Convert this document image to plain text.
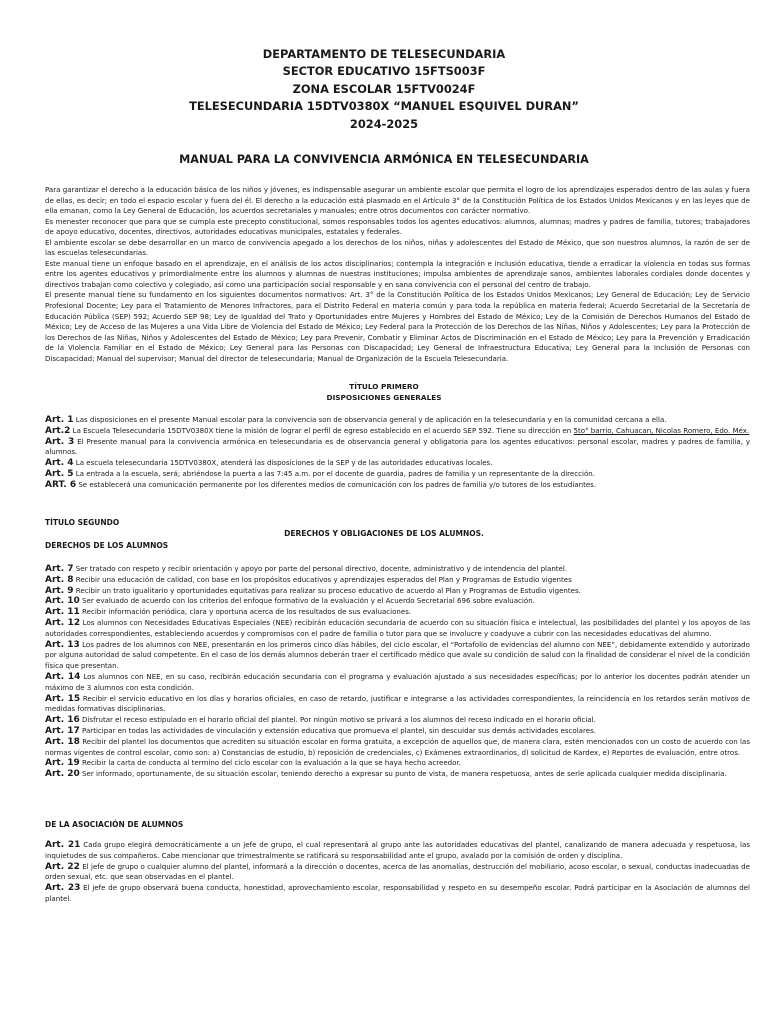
DEPARTAMENTO DE TELESECUNDARIA
SECTOR EDUCATIVO 15FTS003F
ZONA ESCOLAR 15FTV0024F
TELESECUNDARIA 15DTV0380X “MANUEL ESQUIVEL DURAN”
2024-2025
MANUAL PARA LA CONVIVENCIA ARMÓNICA EN TELESECUNDARIA

Para garantizar el derecho a la educación básica de los niños y jóvenes, es indispensable asegurar un ambiente escolar que permita el logro de los aprendizajes esperados dentro de las aulas y fuera de ellas, es decir; en todo el espacio escolar y fuera del él. El derecho a la educación está plasmado en el Artículo 3° de la Constitución Política de los Estados Unidos Mexicanos y en las leyes que de ella emanan, como la Ley General de Educación, los acuerdos secretariales y manuales; entre otros documentos con carácter normativo.

Es menester reconocer que para que se cumpla este precepto constitucional, somos responsables todos los agentes educativos: alumnos, alumnas; madres y padres de familia, tutores; trabajadores de apoyo educativo, docentes, directivos, autoridades educativas municipales, estatales y federales.

El ambiente escolar se debe desarrollar en un marco de convivencia apegado a los derechos de los niños, niñas y adolescentes del Estado de México, que son nuestros alumnos, la razón de ser de las escuelas telesecundarias.

Este manual tiene un enfoque basado en el aprendizaje, en el análisis de los actos disciplinarios; contempla la integración e inclusión educativa, tiende a erradicar la violencia en todas sus formas entre los agentes educativos y primordialmente entre los alumnos y alumnas de nuestras instituciones; impulsa ambientes de aprendizaje sanos, ambientes laborales cordiales donde docentes y directivos trabajan como colectivo y colegiado, así como una participación social responsable y en sana convivencia con el personal del centro de trabajo.

El presente manual tiene su fundamento en los siguientes documentos normativos: Art. 3° de la Constitución Política de los Estados Unidos Mexicanos; Ley General de Educación; Ley de Servicio Profesional Docente; Ley para el Tratamiento de Menores Infractores, para el Distrito Federal en materia común y para toda la república en materia federal; Acuerdo Secretarial de la Secretaría de Educación Pública (SEP) 592; Acuerdo SEP 98; Ley de Igualdad del Trato y Oportunidades entre Mujeres y Hombres del Estado de México; Ley de la Comisión de Derechos Humanos del Estado de México; Ley de Acceso de las Mujeres a una Vida Libre de Violencia del Estado de México; Ley Federal para la Protección de los Derechos de las Niñas, Niños y Adolescentes; Ley para la Protección de los Derechos de las Niñas, Niños y Adolescentes del Estado de México; Ley para Prevenir, Combatir y Eliminar Actos de Discriminación en el Estado de México; Ley para la Prevención y Erradicación de la Violencia Familiar en el Estado de México; Ley General para las Personas con Discapacidad; Ley General de Infraestructura Educativa; Ley General para la Inclusión de Personas con Discapacidad; Manual del supervisor; Manual del director de telesecundaria; Manual de Organización de la Escuela Telesecundaria.

TÍTULO PRIMERO
DISPOSICIONES GENERALES

Art. 1 Las disposiciones en el presente Manual escolar para la convivencia son de observancia general y de aplicación en la telesecundaria y en la comunidad cercana a ella.

Art.2 La Escuela Telesecundaria 15DTV0380X tiene la misión de lograr el perfil de egreso establecido en el acuerdo SEP 592. Tiene su dirección en 5to° barrio, Cahuacan, Nicolas Romero, Edo. Méx.

Art. 3 El Presente manual para la convivencia armónica en telesecundaria es de observancia general y obligatoria para los agentes educativos: personal escolar, madres y padres de familia, y alumnos.

Art. 4 La escuela telesecundaria 15DTV0380X, atenderá las disposiciones de la SEP y de las autoridades educativas locales.

Art. 5 La entrada a la escuela, será; abriéndose la puerta a las 7:45 a.m. por el docente de guardia, padres de familia y un representante de la dirección.

ART. 6 Se establecerá una comunicación permanente por los diferentes medios de comunicación con los padres de familia y/o tutores de los estudiantes.

TÍTULO SEGUNDO
DERECHOS Y OBLIGACIONES DE LOS ALUMNOS.
DERECHOS DE LOS ALUMNOS

Art. 7 Ser tratado con respeto y recibir orientación y apoyo por parte del personal directivo, docente, administrativo y de intendencia del plantel.

Art. 8 Recibir una educación de calidad, con base en los propósitos educativos y aprendizajes esperados del Plan y Programas de Estudio vigentes

Art. 9 Recibir un trato igualitario y oportunidades equitativas para realizar su proceso educativo de acuerdo al Plan y Programas de Estudio vigentes.

Art. 10 Ser evaluado de acuerdo con los criterios del enfoque formativo de la evaluación y el Acuerdo Secretarial 696 sobre evaluación.

Art. 11 Recibir información periódica, clara y oportuna acerca de los resultados de sus evaluaciones.

Art. 12 Los alumnos con Necesidades Educativas Especiales (NEE) recibirán educación secundaria de acuerdo con su situación física e intelectual, las posibilidades del plantel y los apoyos de las autoridades correspondientes, estableciendo acuerdos y compromisos con el padre de familia o tutor para que se involucre y coadyuve a cubrir con las necesidades educativas del alumno.

Art. 13 Los padres de los alumnos con NEE, presentarán en los primeros cinco días hábiles, del ciclo escolar, el “Portafolio de evidencias del alumno con NEE”, debidamente extendido y autorizado por alguna autoridad de salud competente. En el caso de los demás alumnos deberán traer el certificado médico que avale su condición de salud con la finalidad de considerar el nivel de la condición física que presentan.

Art. 14 Los alumnos con NEE, en su caso, recibirán educación secundaria con el programa y evaluación ajustado a sus necesidades específicas; por lo anterior los docentes podrán atender un máximo de 3 alumnos con esta condición.

Art. 15 Recibir el servicio educativo en los días y horarios oficiales, en caso de retardo, justificar e integrarse a las actividades correspondientes, la reincidencia en los retardos serán motivos de medidas formativas disciplinarias.

Art. 16 Disfrutar el receso estipulado en el horario oficial del plantel. Por ningún motivo se privará a los alumnos del receso indicado en el horario oficial.

Art. 17 Participar en todas las actividades de vinculación y extensión educativa que promueva el plantel, sin descuidar sus demás actividades escolares.

Art. 18 Recibir del plantel los documentos que acrediten su situación escolar en forma gratuita, a excepción de aquellos que, de manera clara, estén mencionados con un costo de acuerdo con las normas vigentes de control escolar, como son: a) Constancias de estudio, b) reposición de credenciales, c) Exámenes extraordinarios, d) solicitud de Kardex, e) Reportes de evaluación, entre otros.

Art. 19 Recibir la carta de conducta al termino del ciclo escolar con la evaluación a la que se haya hecho acreedor.

Art. 20 Ser informado, oportunamente, de su situación escolar, teniendo derecho a expresar su punto de vista, de manera respetuosa, antes de serle aplicada cualquier medida disciplinaria.

DE LA ASOCIACIÓN DE ALUMNOS

Art. 21 Cada grupo elegirá democráticamente a un jefe de grupo, el cual representará al grupo ante las autoridades educativas del plantel, canalizando de manera adecuada y respetuosa, las inquietudes de sus compañeros. Cabe mencionar que trimestralmente se ratificará su responsabilidad ante el grupo, avalado por la comisión de orden y disciplina.

Art. 22 El jefe de grupo o cualquier alumno del plantel, informará a la dirección o docentes, acerca de las anomalías, destrucción del mobiliario, acoso escolar, o sexual, conductas inadecuadas de orden sexual, etc. que sean observadas en el plantel.

Art. 23 El jefe de grupo observará buena conducta, honestidad, aprovechamiento escolar, responsabilidad y respeto en su desempeño escolar. Podrá participar en la Asociación de alumnos del plantel.
